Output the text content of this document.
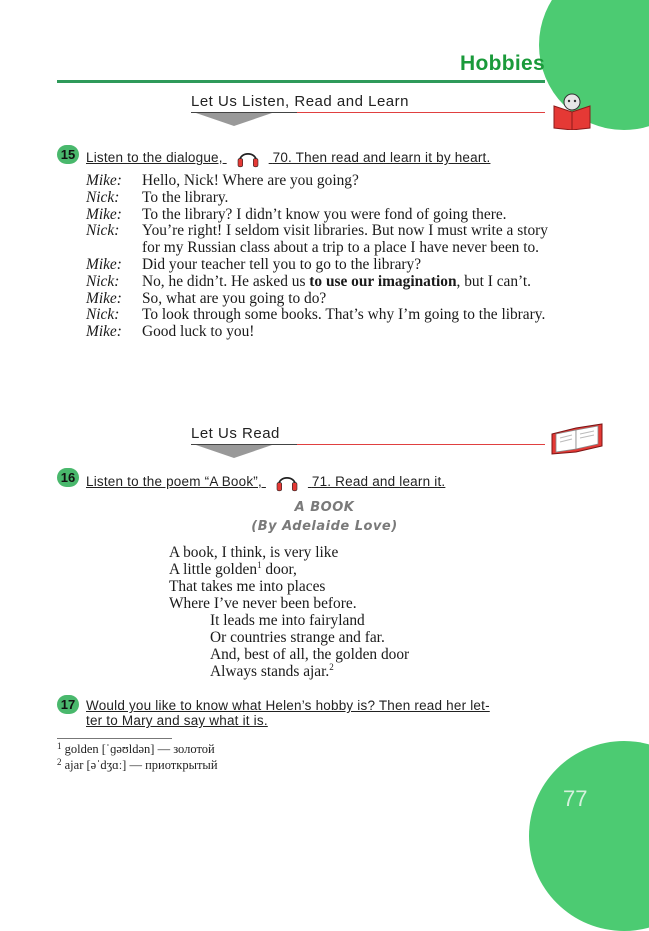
Hobbies
Let Us Listen, Read and Learn
15 Listen to the dialogue,	70. Then read and learn it by heart.
Mike:	Hello, Nick! Where are you going?
Nick:	To the library.
Mike:	To the library? I didn’t know you were fond of going there.
Nick:	You’re right! I seldom visit libraries. But now I must write a story for my Russian class about a trip to a place I have never been to.
Mike:	Did your teacher tell you to go to the library?
Nick:	No, he didn’t. He asked us to use our imagination, but I can’t.
Mike:	So, what are you going to do?
Nick:	To look through some books. That’s why I’m going to the library.
Mike:	Good luck to you!
Let Us Read
16 Listen to the poem “A Book”,	71. Read and learn it.
A BOOK
(By Adelaide Love)
A book, I think, is very like
A little golden$^1$ door,
That takes me into places
Where I’ve never been before.
It leads me into fairyland
Or countries strange and far.
And, best of all, the golden door
Always stands ajar.$^2$
17 Would you like to know what Helen’s hobby is? Then read her let-
ter to Mary and say what it is.
$^1$ golden [ˈɡəʊldən] — золотой
$^2$ ajar [əˈdʒɑː] — приоткрытый
77
